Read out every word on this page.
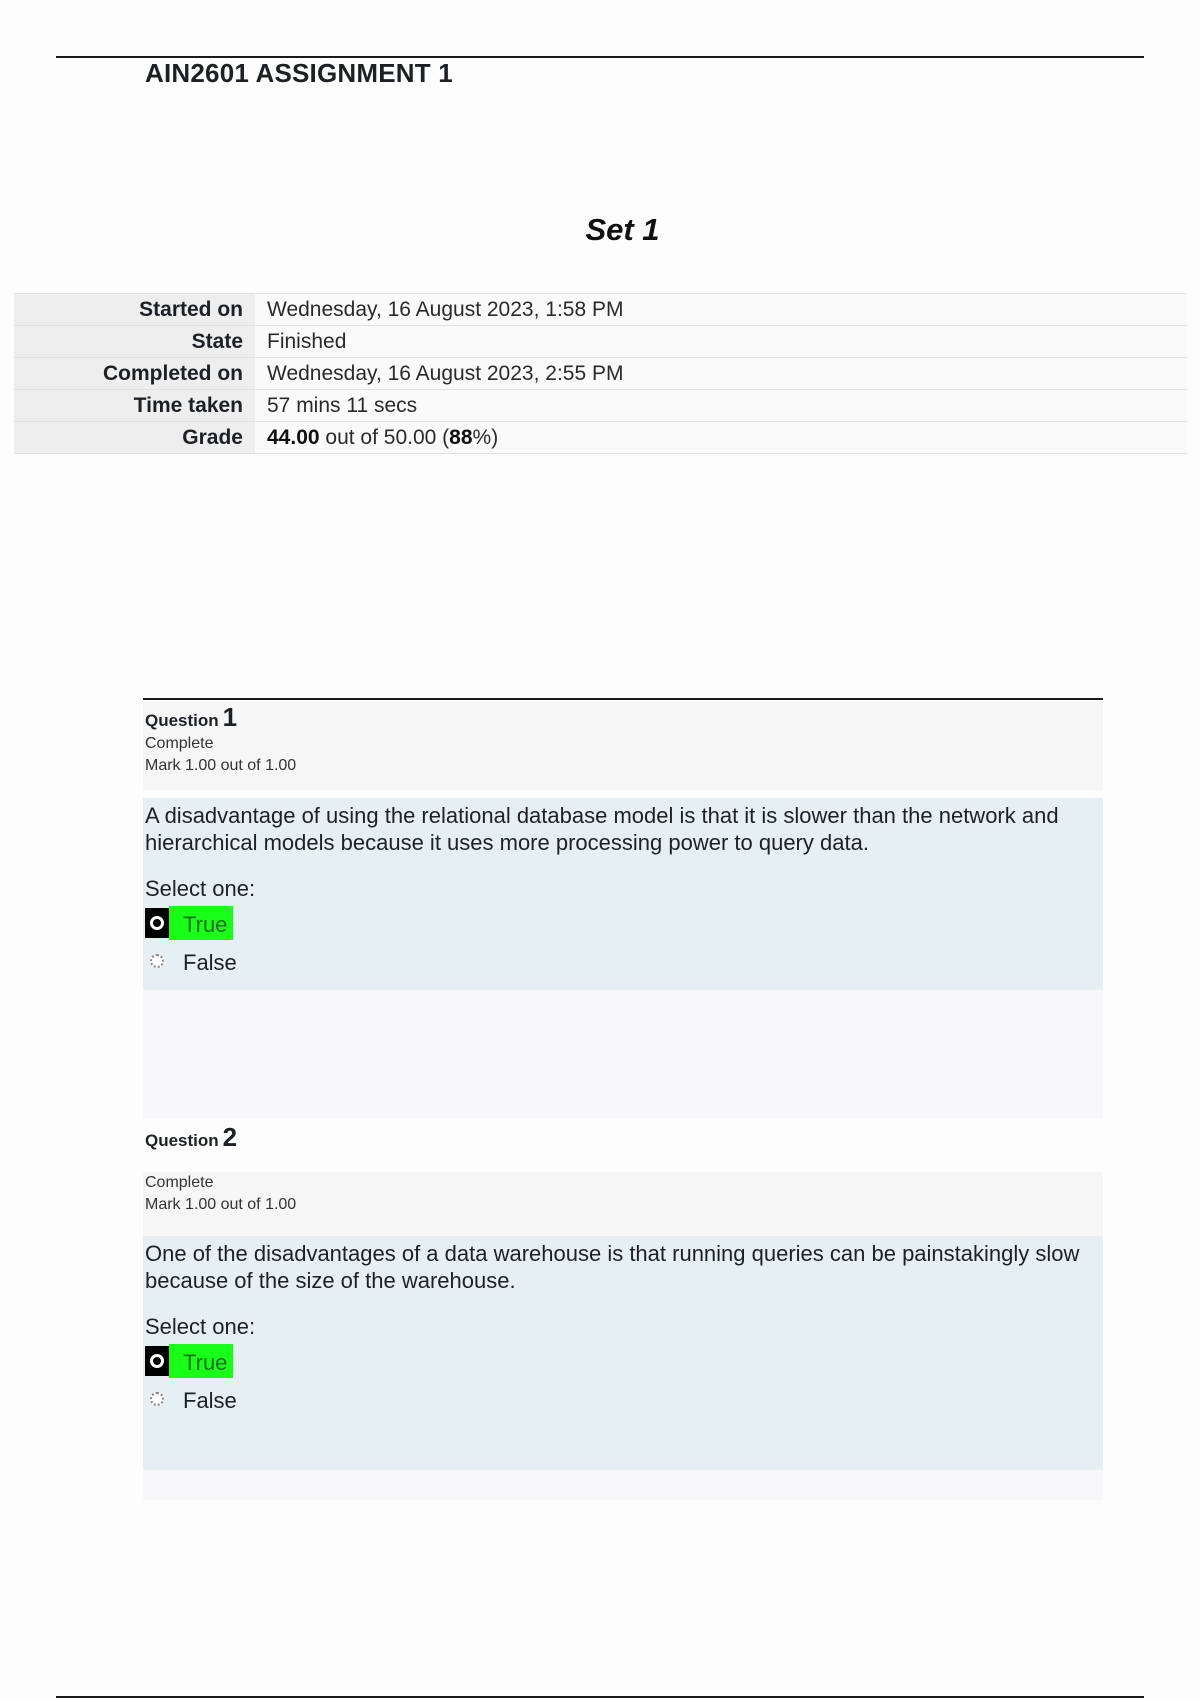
AIN2601 ASSIGNMENT 1
Set 1
Started on	Wednesday, 16 August 2023, 1:58 PM
State	Finished
Completed on	Wednesday, 16 August 2023, 2:55 PM
Time taken	57 mins 11 secs
Grade	44.00 out of 50.00 (88%)
Question 1
Complete
Mark 1.00 out of 1.00
A disadvantage of using the relational database model is that it is slower than the network and hierarchical models because it uses more processing power to query data.
Select one:
True
False
Question 2
Complete
Mark 1.00 out of 1.00
One of the disadvantages of a data warehouse is that running queries can be painstakingly slow because of the size of the warehouse.
Select one:
True
False
